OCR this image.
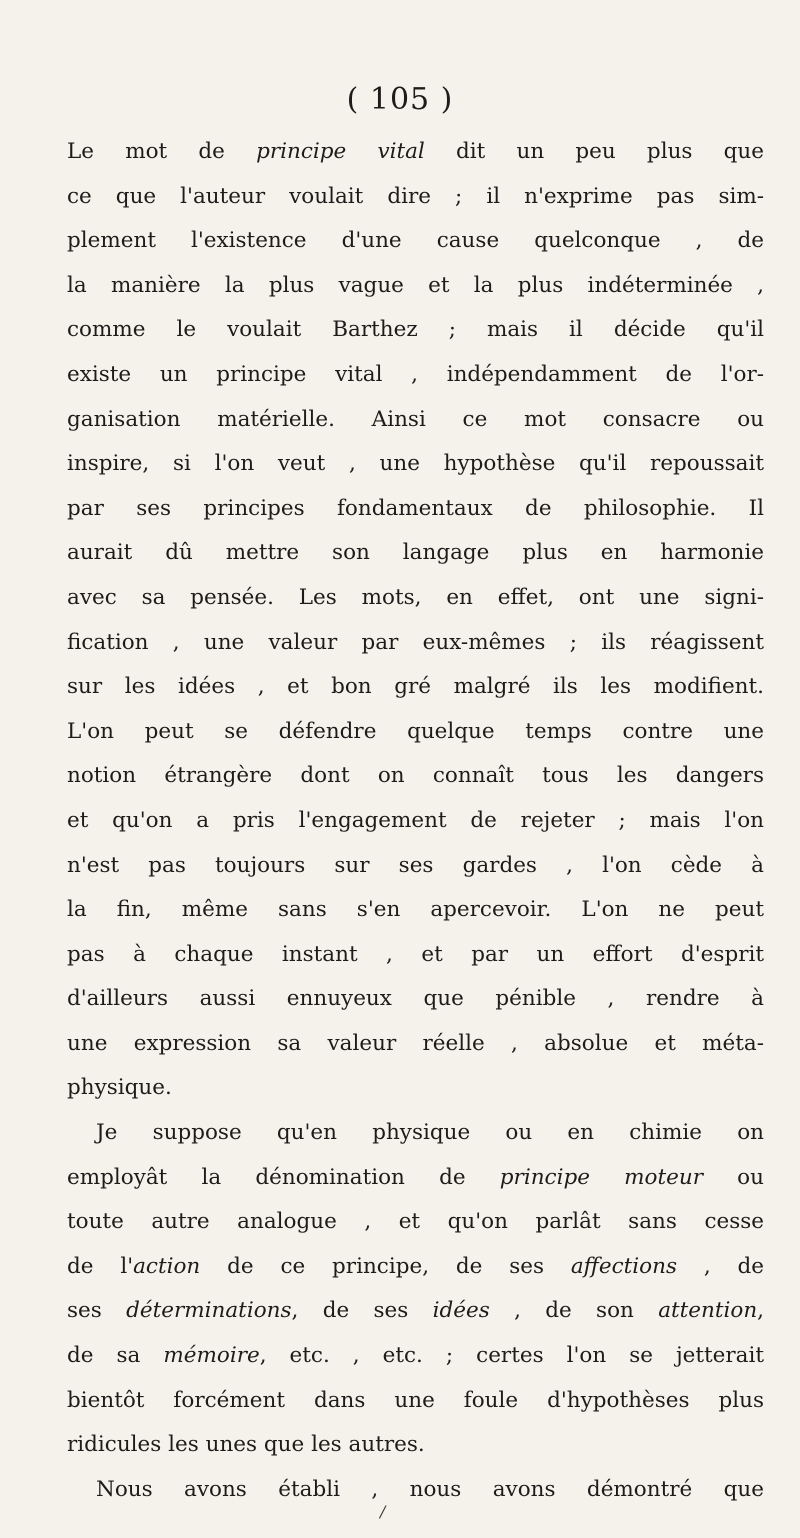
( 105 )
Le mot de principe vital dit un peu plus que
ce que l'auteur voulait dire ; il n'exprime pas sim-
plement l'existence d'une cause quelconque , de
la manière la plus vague et la plus indéterminée ,
comme le voulait Barthez ; mais il décide qu'il
existe un principe vital , indépendamment de l'or-
ganisation matérielle. Ainsi ce mot consacre ou
inspire, si l'on veut , une hypothèse qu'il repoussait
par ses principes fondamentaux de philosophie. Il
aurait dû mettre son langage plus en harmonie
avec sa pensée. Les mots, en effet, ont une signi-
fication , une valeur par eux-mêmes ; ils réagissent
sur les idées , et bon gré malgré ils les modifient.
L'on peut se défendre quelque temps contre une
notion étrangère dont on connaît tous les dangers
et qu'on a pris l'engagement de rejeter ; mais l'on
n'est pas toujours sur ses gardes , l'on cède à
la fin, même sans s'en apercevoir. L'on ne peut
pas à chaque instant , et par un effort d'esprit
d'ailleurs aussi ennuyeux que pénible , rendre à
une expression sa valeur réelle , absolue et méta-
physique.
Je suppose qu'en physique ou en chimie on
employât la dénomination de principe moteur ou
toute autre analogue , et qu'on parlât sans cesse
de l'action de ce principe, de ses affections , de
ses déterminations, de ses idées , de son attention,
de sa mémoire, etc. , etc. ; certes l'on se jetterait
bientôt forcément dans une foule d'hypothèses plus
ridicules les unes que les autres.
Nous avons établi , nous avons démontré que
/
